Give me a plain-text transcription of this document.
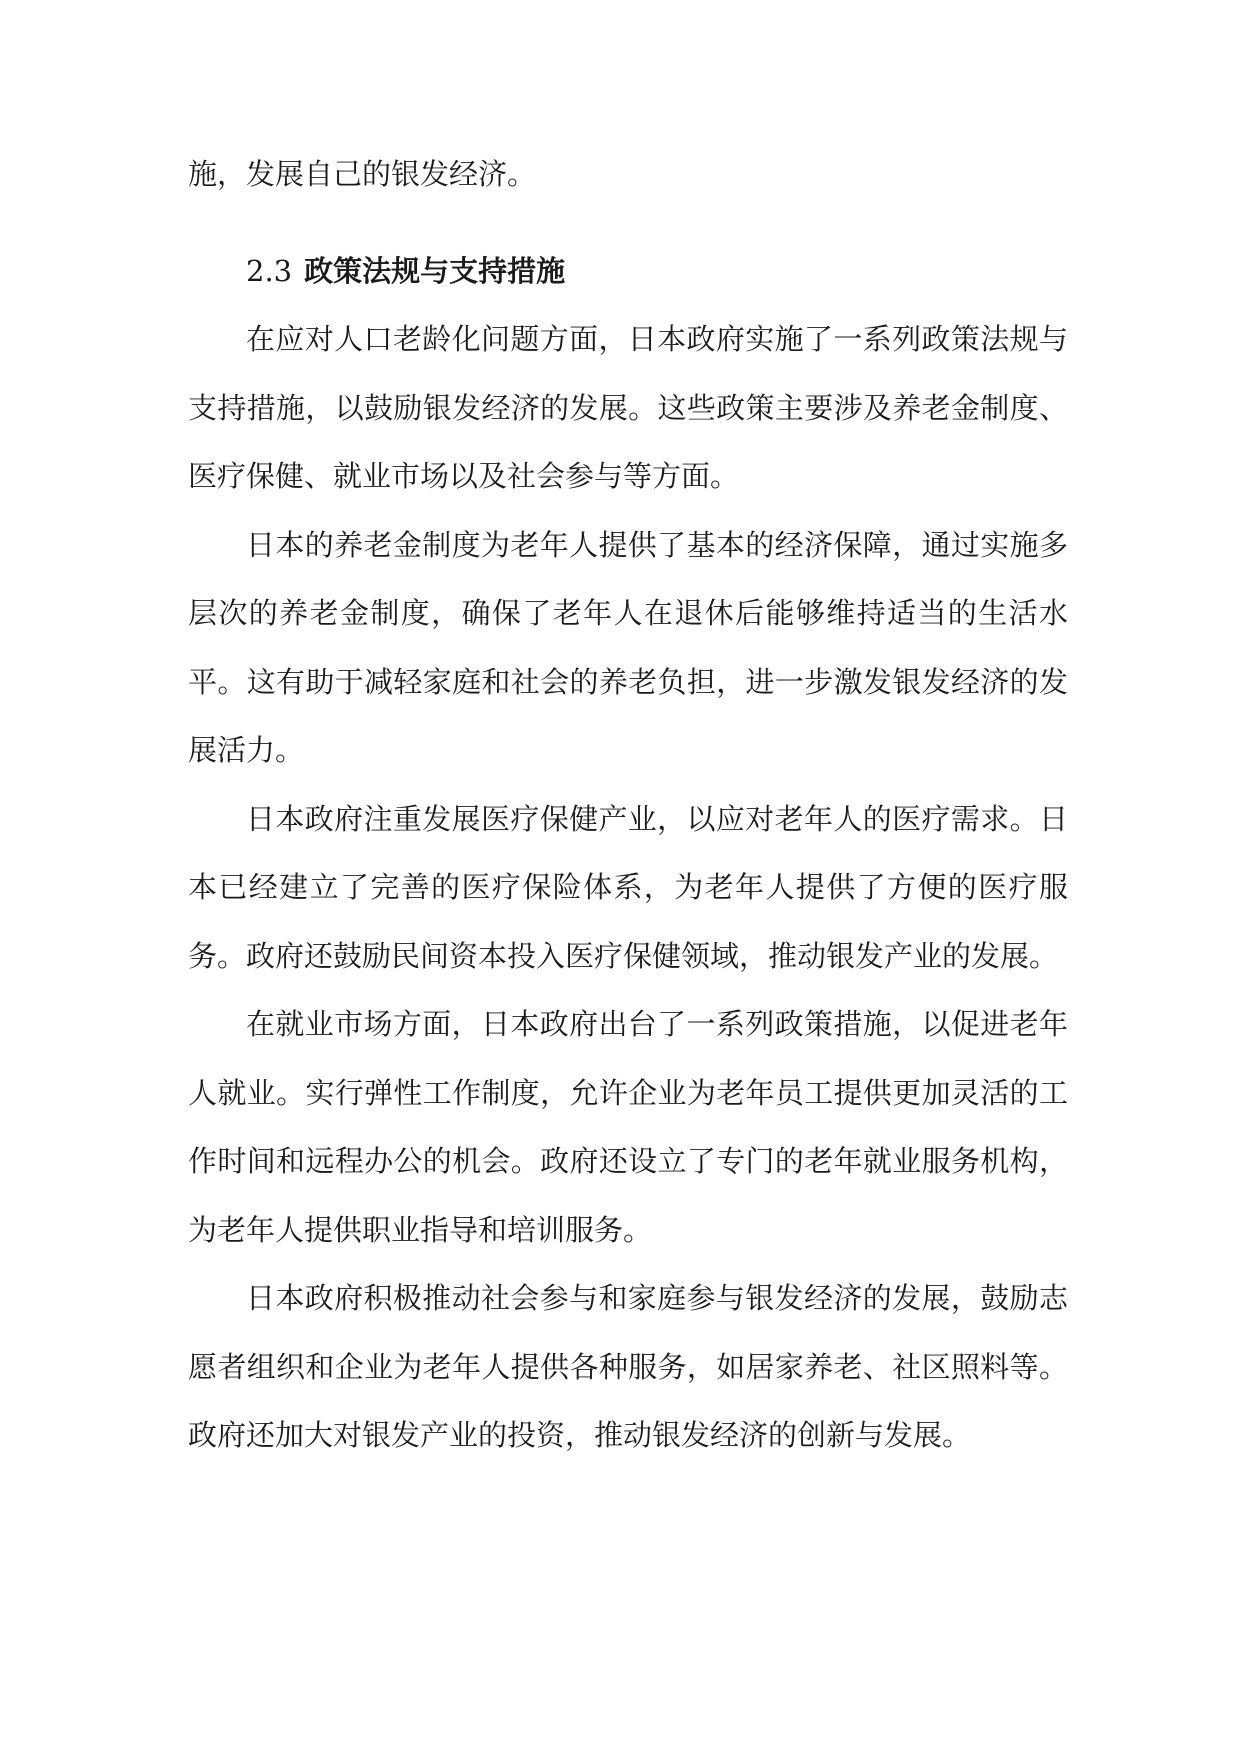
施，发展自己的银发经济。

2.3 政策法规与支持措施

在应对人口老龄化问题方面，日本政府实施了一系列政策法规与支持措施，以鼓励银发经济的发展。这些政策主要涉及养老金制度、医疗保健、就业市场以及社会参与等方面。

日本的养老金制度为老年人提供了基本的经济保障，通过实施多层次的养老金制度，确保了老年人在退休后能够维持适当的生活水平。这有助于减轻家庭和社会的养老负担，进一步激发银发经济的发展活力。

日本政府注重发展医疗保健产业，以应对老年人的医疗需求。日本已经建立了完善的医疗保险体系，为老年人提供了方便的医疗服务。政府还鼓励民间资本投入医疗保健领域，推动银发产业的发展。

在就业市场方面，日本政府出台了一系列政策措施，以促进老年人就业。实行弹性工作制度，允许企业为老年员工提供更加灵活的工作时间和远程办公的机会。政府还设立了专门的老年就业服务机构，为老年人提供职业指导和培训服务。

日本政府积极推动社会参与和家庭参与银发经济的发展，鼓励志愿者组织和企业为老年人提供各种服务，如居家养老、社区照料等。政府还加大对银发产业的投资，推动银发经济的创新与发展。
